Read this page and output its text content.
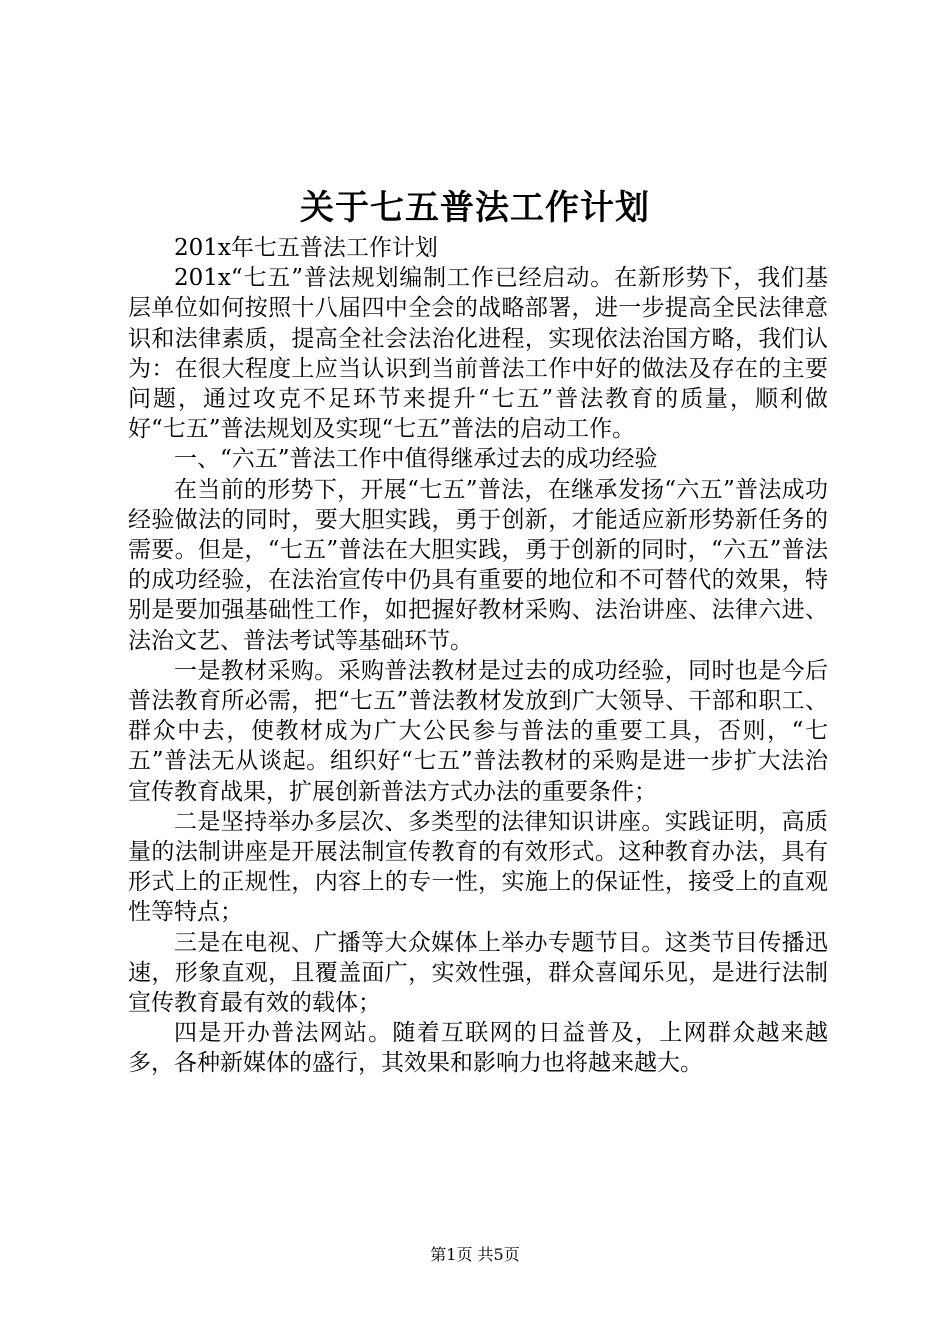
关于七五普法工作计划

201x年七五普法工作计划

201x“七五”普法规划编制工作已经启动。在新形势下，我们基层单位如何按照十八届四中全会的战略部署，进一步提高全民法律意识和法律素质，提高全社会法治化进程，实现依法治国方略，我们认为：在很大程度上应当认识到当前普法工作中好的做法及存在的主要问题，通过攻克不足环节来提升“七五”普法教育的质量，顺利做好“七五”普法规划及实现“七五”普法的启动工作。

一、“六五”普法工作中值得继承过去的成功经验

在当前的形势下，开展“七五”普法，在继承发扬“六五”普法成功经验做法的同时，要大胆实践，勇于创新，才能适应新形势新任务的需要。但是，“七五”普法在大胆实践，勇于创新的同时，“六五”普法的成功经验，在法治宣传中仍具有重要的地位和不可替代的效果，特别是要加强基础性工作，如把握好教材采购、法治讲座、法律六进、法治文艺、普法考试等基础环节。

一是教材采购。采购普法教材是过去的成功经验，同时也是今后普法教育所必需，把“七五”普法教材发放到广大领导、干部和职工、群众中去，使教材成为广大公民参与普法的重要工具，否则，“七五”普法无从谈起。组织好“七五”普法教材的采购是进一步扩大法治宣传教育战果，扩展创新普法方式办法的重要条件；

二是坚持举办多层次、多类型的法律知识讲座。实践证明，高质量的法制讲座是开展法制宣传教育的有效形式。这种教育办法，具有形式上的正规性，内容上的专一性，实施上的保证性，接受上的直观性等特点；

三是在电视、广播等大众媒体上举办专题节目。这类节目传播迅速，形象直观，且覆盖面广，实效性强，群众喜闻乐见，是进行法制宣传教育最有效的载体；

四是开办普法网站。随着互联网的日益普及，上网群众越来越多，各种新媒体的盛行，其效果和影响力也将越来越大。

第1页 共5页
